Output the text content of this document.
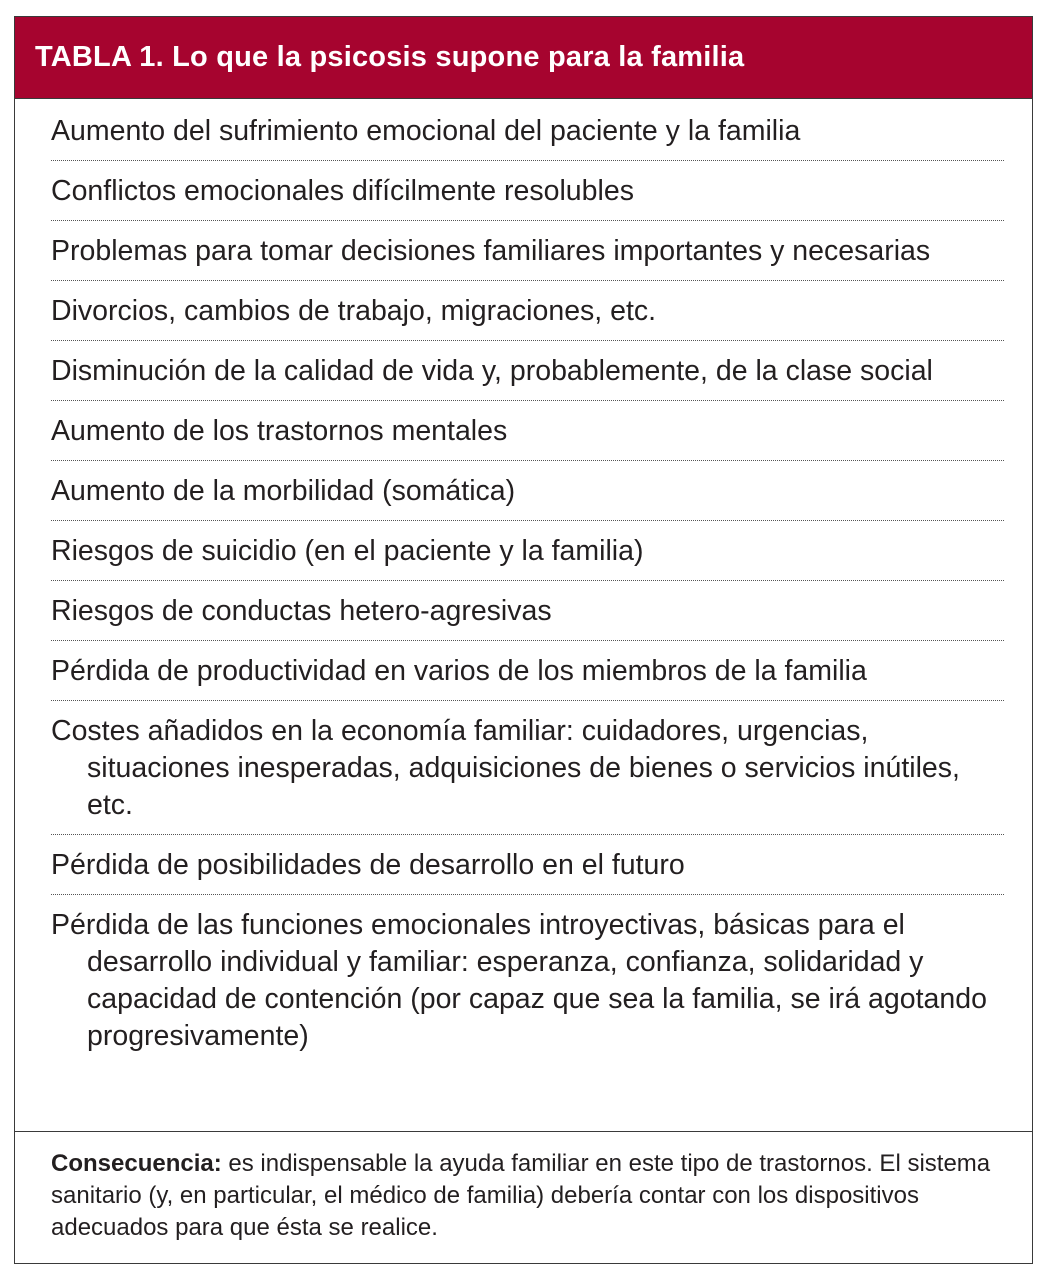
TABLA 1. Lo que la psicosis supone para la familia
Aumento del sufrimiento emocional del paciente y la familia
Conflictos emocionales difícilmente resolubles
Problemas para tomar decisiones familiares importantes y necesarias
Divorcios, cambios de trabajo, migraciones, etc.
Disminución de la calidad de vida y, probablemente, de la clase social
Aumento de los trastornos mentales
Aumento de la morbilidad (somática)
Riesgos de suicidio (en el paciente y la familia)
Riesgos de conductas hetero-agresivas
Pérdida de productividad en varios de los miembros de la familia
Costes añadidos en la economía familiar: cuidadores, urgencias, situaciones inesperadas, adquisiciones de bienes o servicios inútiles, etc.
Pérdida de posibilidades de desarrollo en el futuro
Pérdida de las funciones emocionales introyectivas, básicas para el desarrollo individual y familiar: esperanza, confianza, solidaridad y capacidad de contención (por capaz que sea la familia, se irá agotando progresivamente)
Consecuencia: es indispensable la ayuda familiar en este tipo de trastornos. El sistema sanitario (y, en particular, el médico de familia) debería contar con los dispositivos adecuados para que ésta se realice.
